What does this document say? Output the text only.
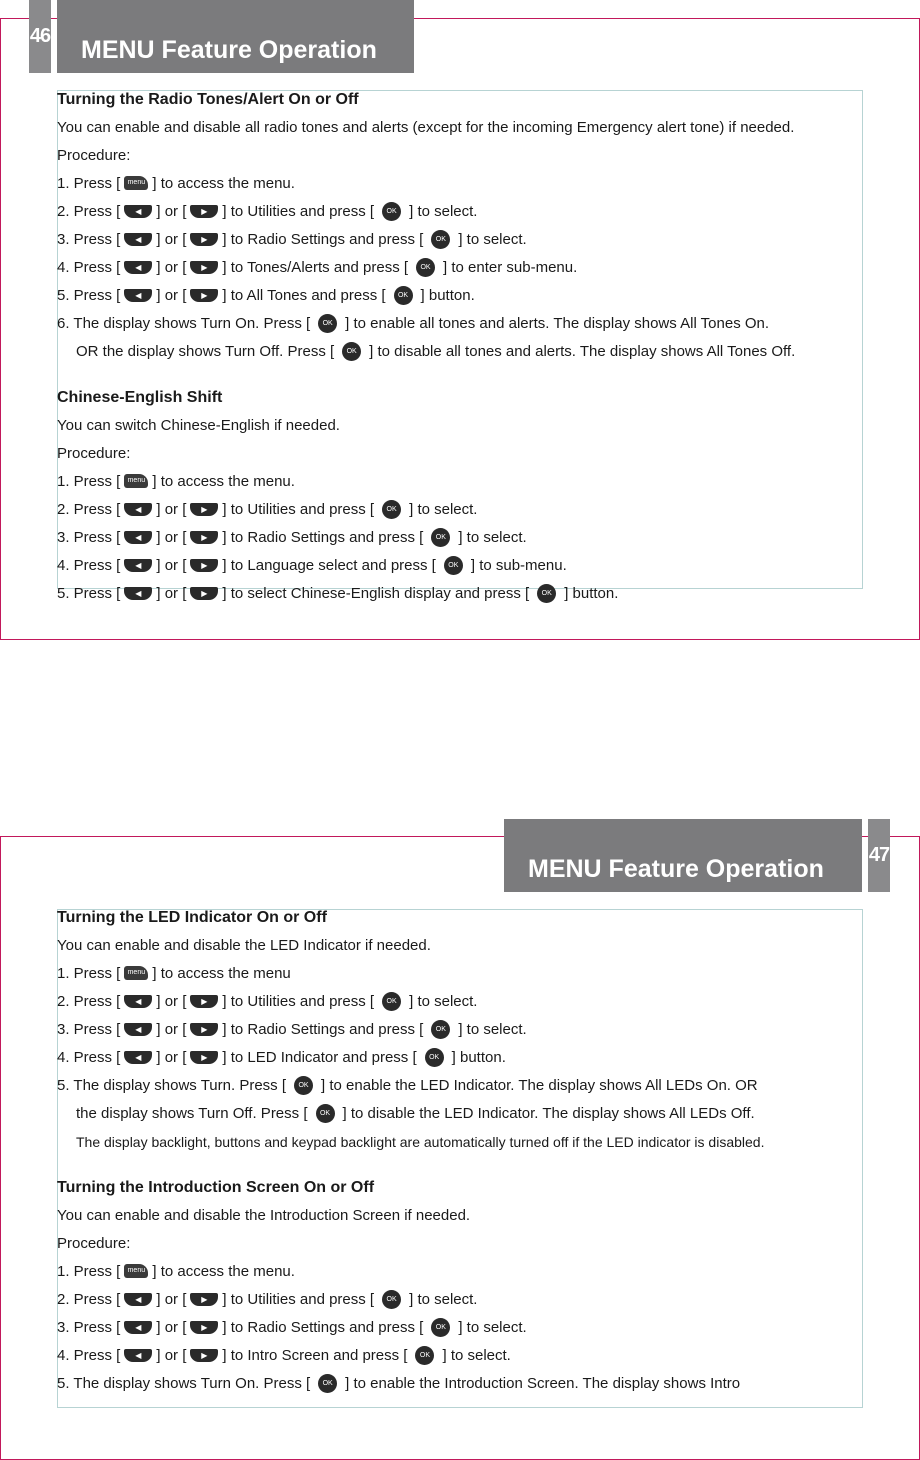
46	MENU Feature Operation
Turning the Radio Tones/Alert On or Off
You can enable and disable all radio tones and alerts (except for the incoming Emergency alert tone) if needed.
Procedure:
1. Press [ menu ] to access the menu.
2. Press [ ◀ ] or [ ▶ ] to Utilities and press [ OK ] to select.
3. Press [ ◀ ] or [ ▶ ] to Radio Settings and press [ OK ] to select.
4. Press [ ◀ ] or [ ▶ ] to Tones/Alerts and press [ OK ] to enter sub-menu.
5. Press [ ◀ ] or [ ▶ ] to All Tones and press [ OK ] button.
6. The display shows Turn On. Press [ OK ] to enable all tones and alerts. The display shows All Tones On.
OR the display shows Turn Off. Press [ OK ] to disable all tones and alerts. The display shows All Tones Off.
Chinese-English Shift
You can switch Chinese-English if needed.
Procedure:
1. Press [ menu ] to access the menu.
2. Press [ ◀ ] or [ ▶ ] to Utilities and press [ OK ] to select.
3. Press [ ◀ ] or [ ▶ ] to Radio Settings and press [ OK ] to select.
4. Press [ ◀ ] or [ ▶ ] to Language select and press [ OK ] to sub-menu.
5. Press [ ◀ ] or [ ▶ ] to select Chinese-English display and press [ OK ] button.
MENU Feature Operation	47
Turning the LED Indicator On or Off
You can enable and disable the LED Indicator if needed.
1. Press [ menu ] to access the menu
2. Press [ ◀ ] or [ ▶ ] to Utilities and press [ OK ] to select.
3. Press [ ◀ ] or [ ▶ ] to Radio Settings and press [ OK ] to select.
4. Press [ ◀ ] or [ ▶ ] to LED Indicator and press [ OK ] button.
5. The display shows Turn. Press [ OK ] to enable the LED Indicator. The display shows All LEDs On. OR
the display shows Turn Off. Press [ OK ] to disable the LED Indicator. The display shows All LEDs Off.
The display backlight, buttons and keypad backlight are automatically turned off if the LED indicator is disabled.
Turning the Introduction Screen On or Off
You can enable and disable the Introduction Screen if needed.
Procedure:
1. Press [ menu ] to access the menu.
2. Press [ ◀ ] or [ ▶ ] to Utilities and press [ OK ] to select.
3. Press [ ◀ ] or [ ▶ ] to Radio Settings and press [ OK ] to select.
4. Press [ ◀ ] or [ ▶ ] to Intro Screen and press [ OK ] to select.
5. The display shows Turn On. Press [ OK ] to enable the Introduction Screen. The display shows Intro
